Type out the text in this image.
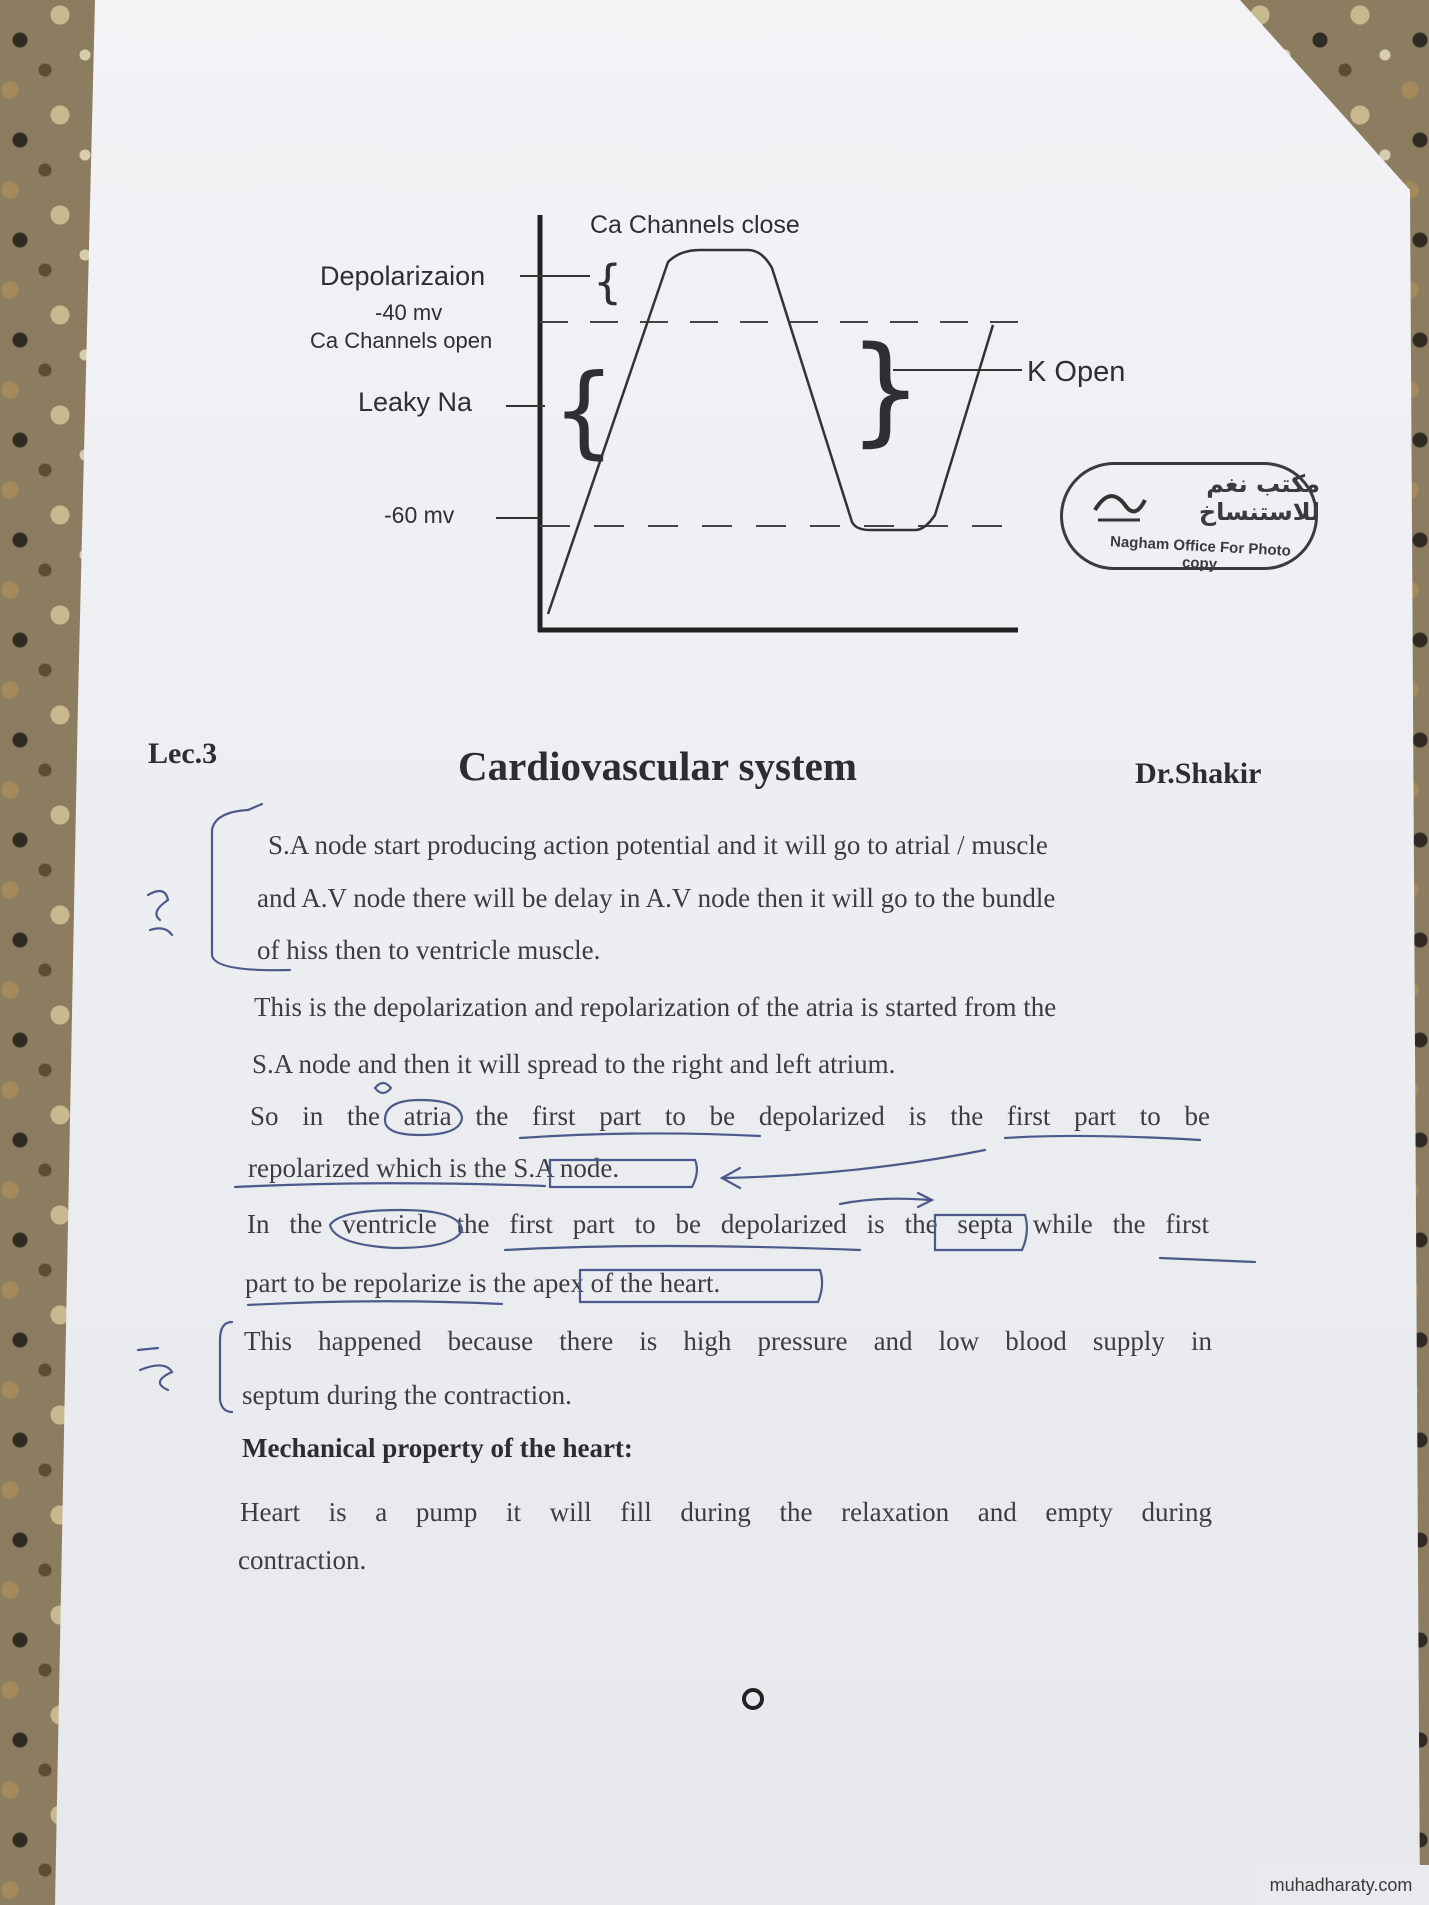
{
{ }
Ca Channels close
Depolarizaion
-40 mv
Ca Channels open
Leaky Na
K Open
-60 mv
مكتب نغم للاستنساخ
Nagham Office For Photo copy
Lec.3	Cardiovascular system	Dr.Shakir
S.A node start producing action potential and it will go to atrial / muscle
and A.V node there will be delay in A.V node then it will go to the bundle
of hiss then to ventricle muscle.
This is the depolarization and repolarization of the atria is started from the
S.A node and then it will spread to the right and left atrium.
So in the atria the first part to be depolarized is the first part to be
repolarized which is the S.A node.
In the ventricle the first part to be depolarized is the septa while the first
part to be repolarize is the apex of the heart.
This happened because there is high pressure and low blood supply in
septum during the contraction.
Mechanical property of the heart:
Heart is a pump it will fill during the relaxation and empty during
contraction.
muhadharaty.com
